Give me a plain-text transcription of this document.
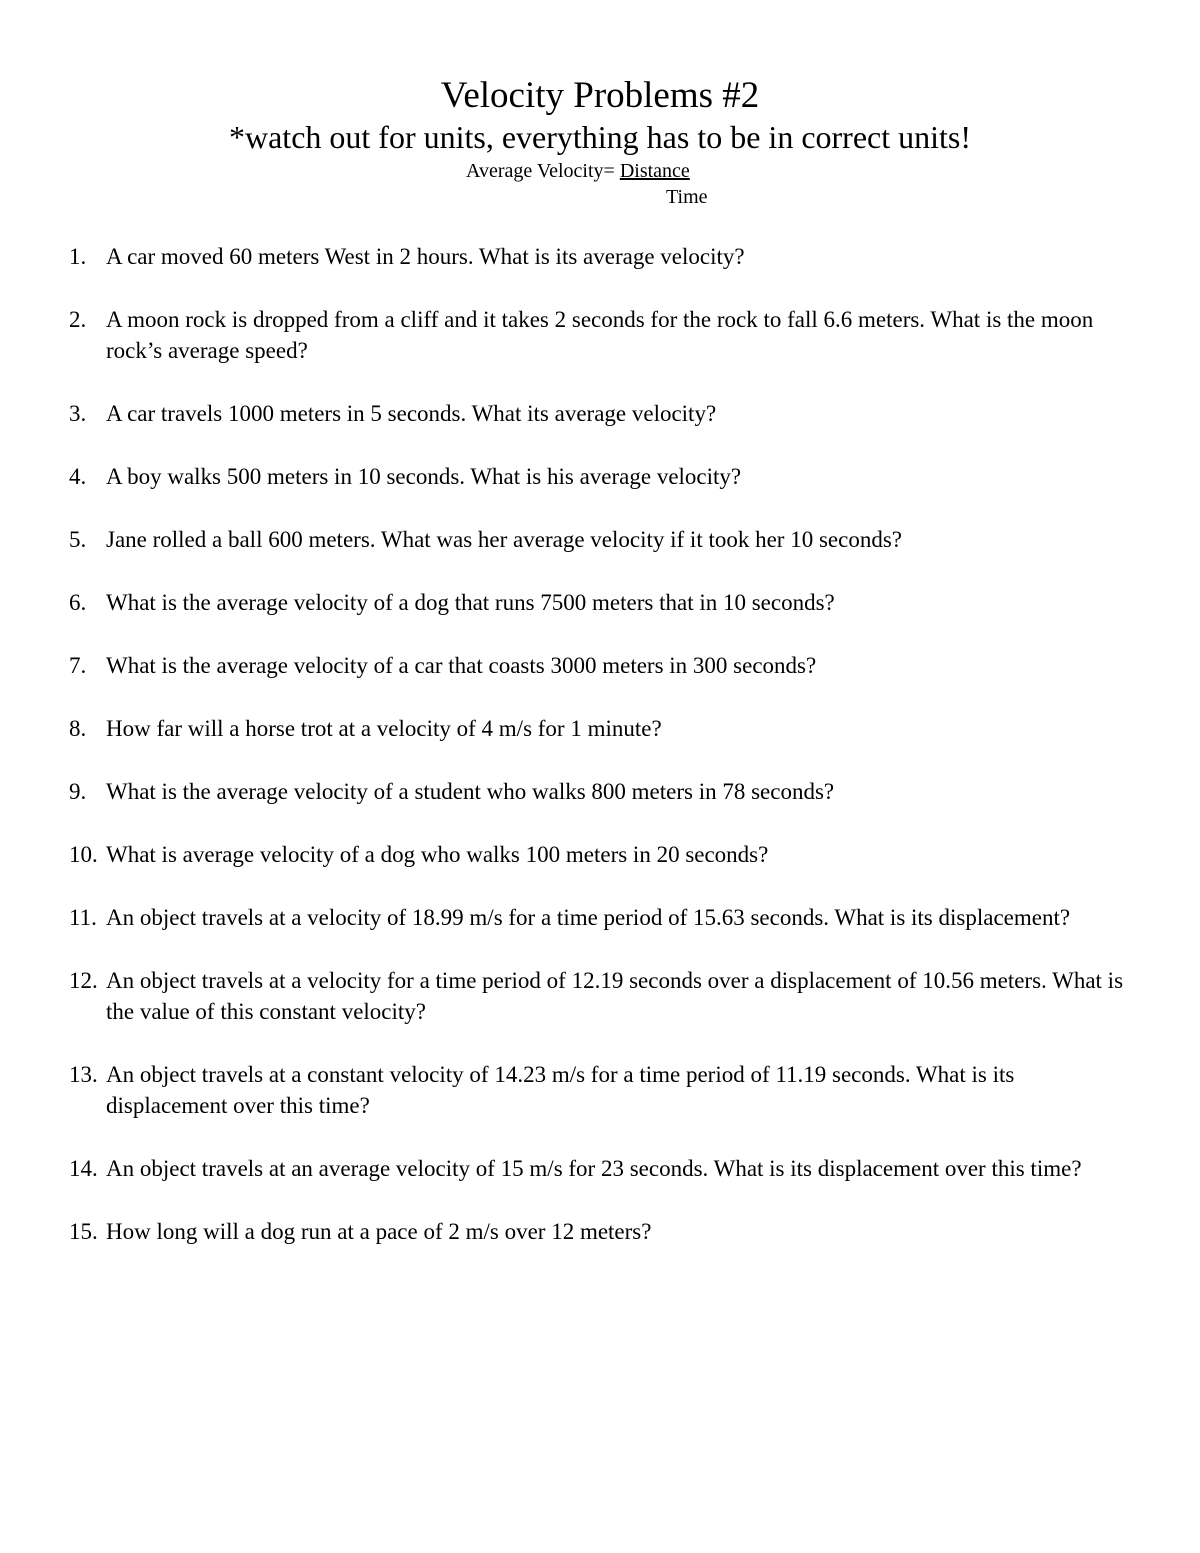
Velocity Problems #2
*watch out for units, everything has to be in correct units!
Average Velocity= Distance
Time
1. A car moved 60 meters West in 2 hours. What is its average velocity?
2. A moon rock is dropped from a cliff and it takes 2 seconds for the rock to fall 6.6 meters. What is the moon rock’s average speed?
3. A car travels 1000 meters in 5 seconds. What its average velocity?
4. A boy walks 500 meters in 10 seconds. What is his average velocity?
5. Jane rolled a ball 600 meters. What was her average velocity if it took her 10 seconds?
6. What is the average velocity of a dog that runs 7500 meters that in 10 seconds?
7. What is the average velocity of a car that coasts 3000 meters in 300 seconds?
8. How far will a horse trot at a velocity of 4 m/s for 1 minute?
9. What is the average velocity of a student who walks 800 meters in 78 seconds?
10. What is average velocity of a dog who walks 100 meters in 20 seconds?
11. An object travels at a velocity of 18.99 m/s for a time period of 15.63 seconds. What is its displacement?
12. An object travels at a velocity for a time period of 12.19 seconds over a displacement of 10.56 meters. What is the value of this constant velocity?
13. An object travels at a constant velocity of 14.23 m/s for a time period of 11.19 seconds. What is its displacement over this time?
14. An object travels at an average velocity of 15 m/s for 23 seconds. What is its displacement over this time?
15. How long will a dog run at a pace of 2 m/s over 12 meters?
